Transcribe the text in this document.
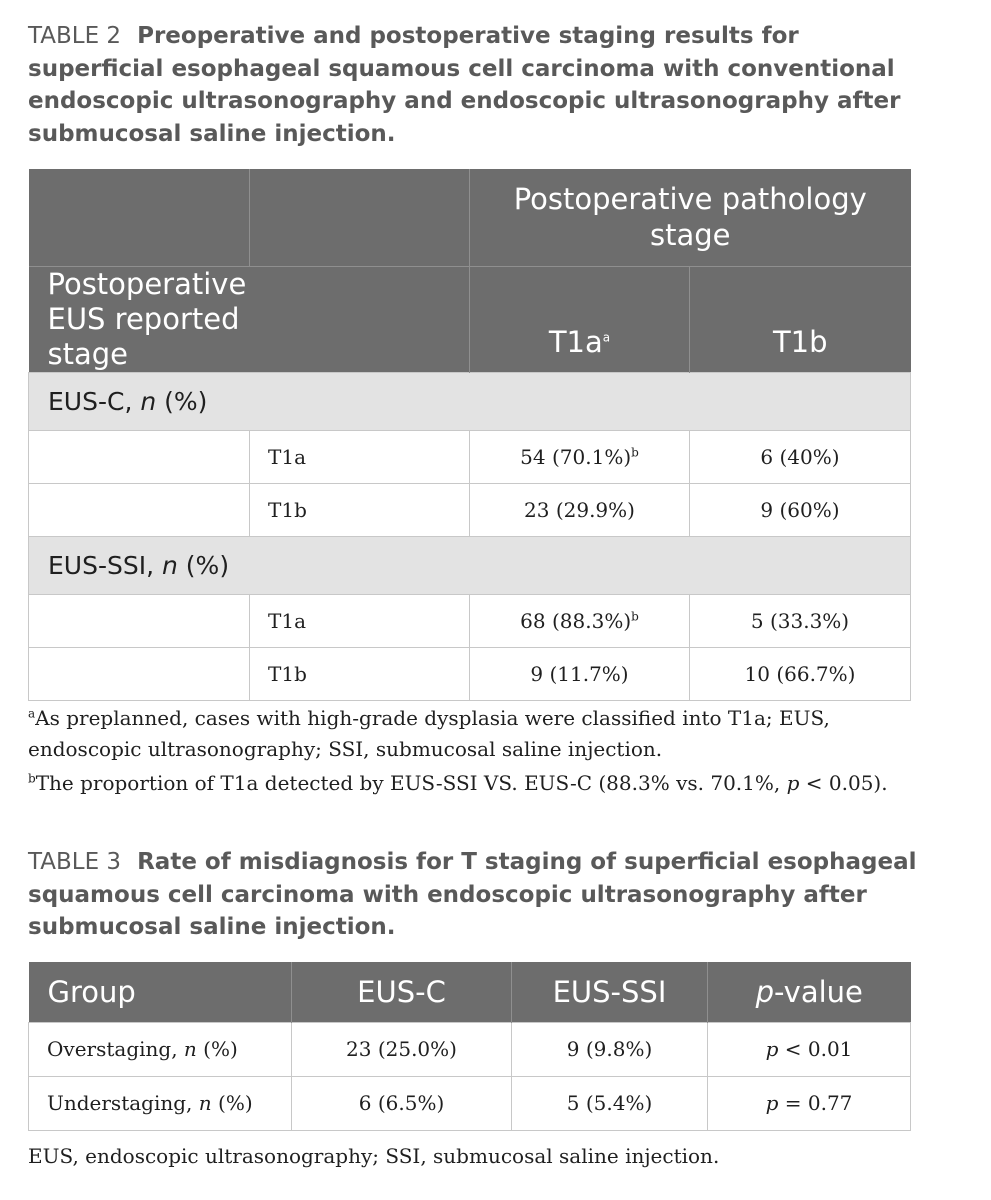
TABLE 2 Preoperative and postoperative staging results for superficial esophageal squamous cell carcinoma with conventional endoscopic ultrasonography and endoscopic ultrasonography after submucosal saline injection.

		Postoperative pathology stage	
Postoperative EUS reported stage		$T1a^a$	T1b
EUS-C, n (%)			
	T1a	54 $(70.1\%)^b$	6 (40%)
	T1b	23 (29.9%)	9 (60%)
EUS-SSI, n (%)			
	T1a	68 $(88.3\%)^b$	5 (33.3%)
	T1b	9 (11.7%)	10 (66.7%)

$^a$As preplanned, cases with high-grade dysplasia were classified into T1a; EUS, endoscopic ultrasonography; SSI, submucosal saline injection.

$^b$The proportion of T1a detected by EUS-SSI VS. EUS-C (88.3% vs. 70.1%, p < 0.05).

TABLE 3 Rate of misdiagnosis for T staging of superficial esophageal squamous cell carcinoma with endoscopic ultrasonography after submucosal saline injection.

Group	EUS-C	EUS-SSI	p-value
Overstaging, n (%)	23 (25.0%)	9 (9.8%)	p < 0.01
Understaging, n (%)	6 (6.5%)	5 (5.4%)	p = 0.77

EUS, endoscopic ultrasonography; SSI, submucosal saline injection.
